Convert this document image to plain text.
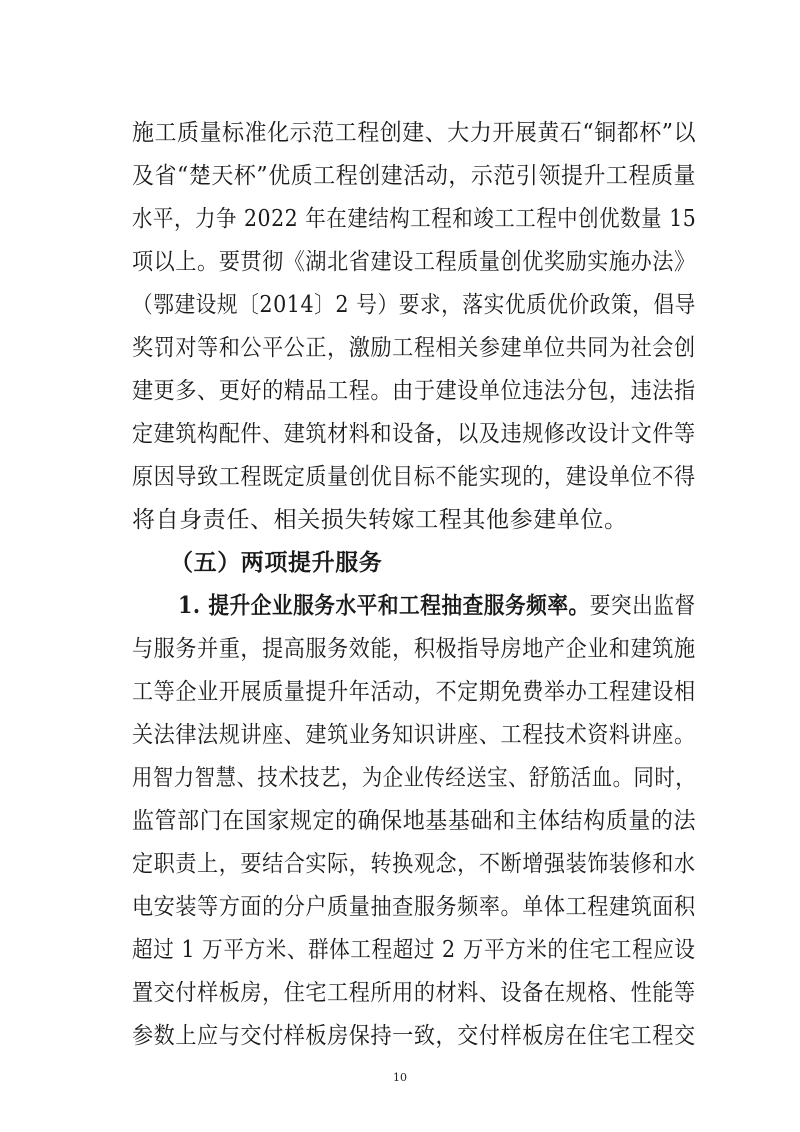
施工质量标准化示范工程创建、大力开展黄石“铜都杯”以
及省“楚天杯”优质工程创建活动，示范引领提升工程质量
水平，力争 2022 年在建结构工程和竣工工程中创优数量 15
项以上。要贯彻《湖北省建设工程质量创优奖励实施办法》
（鄂建设规〔2014〕2 号）要求，落实优质优价政策，倡导
奖罚对等和公平公正，激励工程相关参建单位共同为社会创
建更多、更好的精品工程。由于建设单位违法分包，违法指
定建筑构配件、建筑材料和设备，以及违规修改设计文件等
原因导致工程既定质量创优目标不能实现的，建设单位不得
将自身责任、相关损失转嫁工程其他参建单位。
（五）两项提升服务
1. 提升企业服务水平和工程抽查服务频率。要突出监督
与服务并重，提高服务效能，积极指导房地产企业和建筑施
工等企业开展质量提升年活动，不定期免费举办工程建设相
关法律法规讲座、建筑业务知识讲座、工程技术资料讲座。
用智力智慧、技术技艺，为企业传经送宝、舒筋活血。同时，
监管部门在国家规定的确保地基基础和主体结构质量的法
定职责上，要结合实际，转换观念，不断增强装饰装修和水
电安装等方面的分户质量抽查服务频率。单体工程建筑面积
超过 1 万平方米、群体工程超过 2 万平方米的住宅工程应设
置交付样板房，住宅工程所用的材料、设备在规格、性能等
参数上应与交付样板房保持一致，交付样板房在住宅工程交
10
